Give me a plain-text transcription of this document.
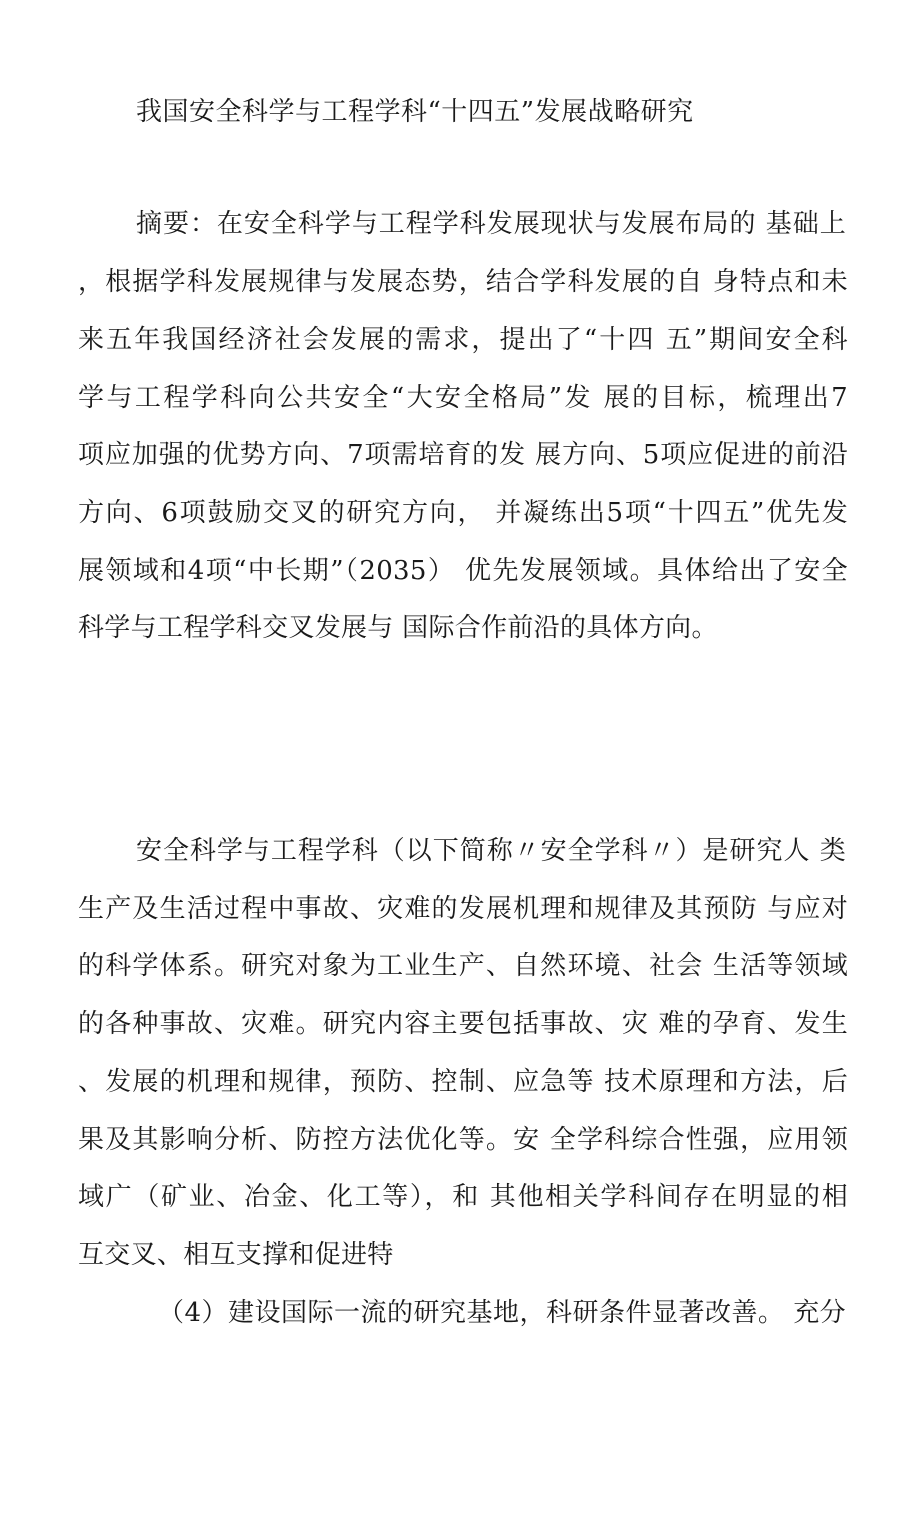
我国安全科学与工程学科“十四五”发展战略研究
摘要：在安全科学与工程学科发展现状与发展布局的 基础上
，根据学科发展规律与发展态势，结合学科发展的自 身特点和未
来五年我国经济社会发展的需求，提出了“十四 五”期间安全科
学与工程学科向公共安全“大安全格局”发 展的目标，梳理出7
项应加强的优势方向、7项需培育的发 展方向、5项应促进的前沿
方向、6项鼓励交叉的研究方向， 并凝练出5项“十四五”优先发
展领域和4项“中长期”（2035） 优先发展领域。具体给出了安全
科学与工程学科交叉发展与 国际合作前沿的具体方向。
安全科学与工程学科（以下简称〃安全学科〃）是研究人 类
生产及生活过程中事故、灾难的发展机理和规律及其预防 与应对
的科学体系。研究对象为工业生产、自然环境、社会 生活等领域
的各种事故、灾难。研究内容主要包括事故、灾 难的孕育、发生
、发展的机理和规律，预防、控制、应急等 技术原理和方法，后
果及其影响分析、防控方法优化等。安 全学科综合性强，应用领
域广（矿业、冶金、化工等），和 其他相关学科间存在明显的相
互交叉、相互支撑和促进特
（4）建设国际一流的研究基地，科研条件显著改善。 充分
